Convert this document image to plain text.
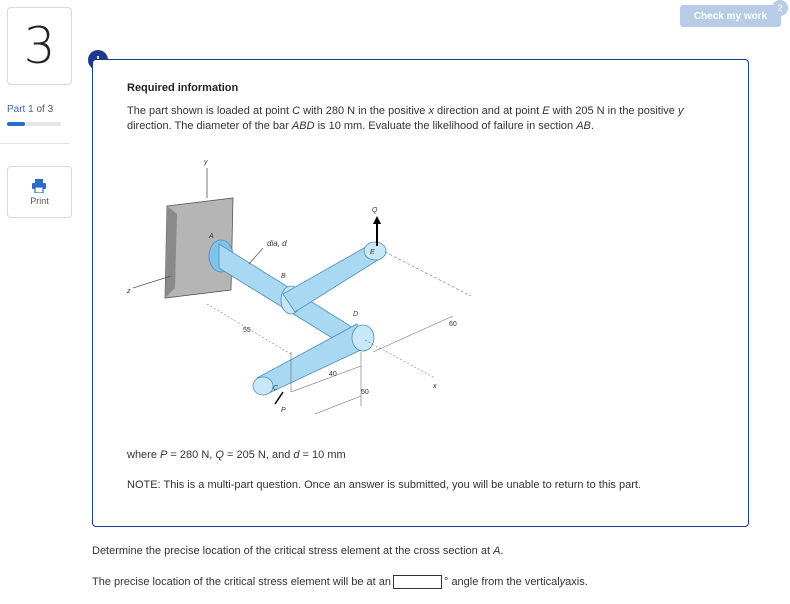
3
Part 1 of 3
Print
Check my work
2
Required information
The part shown is loaded at point C with 280 N in the positive x direction and at point E with 205 N in the positive y direction. The diameter of the bar ABD is 10 mm. Evaluate the likelihood of failure in section AB.
y
z
A
B
E
Q
D
C
P
dia, d
55
40
50
60
x
where P = 280 N, Q = 205 N, and d = 10 mm
NOTE: This is a multi-part question. Once an answer is submitted, you will be unable to return to this part.
Determine the precise location of the critical stress element at the cross section at A.
The precise location of the critical stress element will be at an	° angle from the vertical y axis.
